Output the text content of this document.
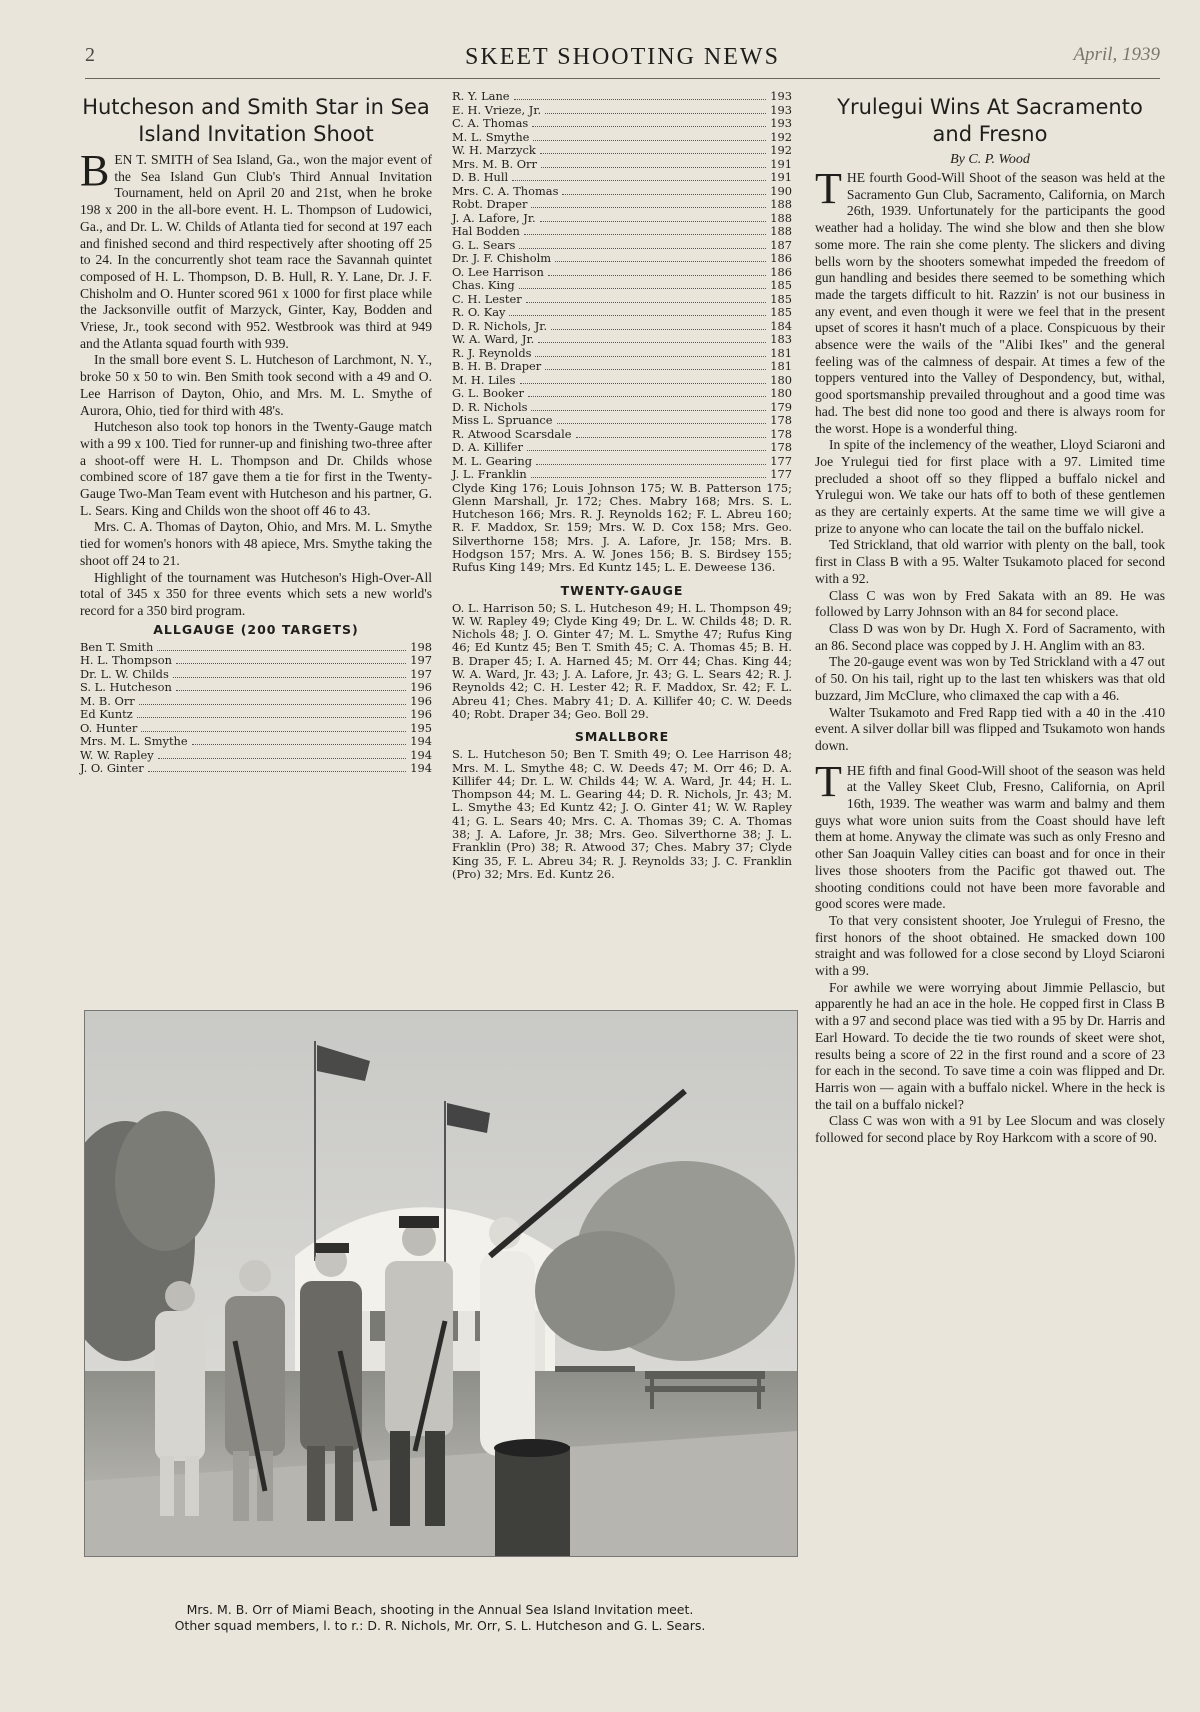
2	SKEET SHOOTING NEWS	April, 1939
Hutcheson and Smith Star in Sea Island Invitation Shoot

BEN T. SMITH of Sea Island, Ga., won the major event of the Sea Island Gun Club's Third Annual Invitation Tournament, held on April 20 and 21st, when he broke 198 x 200 in the all-bore event. H. L. Thompson of Ludowici, Ga., and Dr. L. W. Childs of Atlanta tied for second at 197 each and finished second and third respectively after shooting off 25 to 24. In the concurrently shot team race the Savannah quintet composed of H. L. Thompson, D. B. Hull, R. Y. Lane, Dr. J. F. Chisholm and O. Hunter scored 961 x 1000 for first place while the Jacksonville outfit of Marzyck, Ginter, Kay, Bodden and Vriese, Jr., took second with 952. Westbrook was third at 949 and the Atlanta squad fourth with 939.

In the small bore event S. L. Hutcheson of Larchmont, N. Y., broke 50 x 50 to win. Ben Smith took second with a 49 and O. Lee Harrison of Dayton, Ohio, and Mrs. M. L. Smythe of Aurora, Ohio, tied for third with 48's.

Hutcheson also took top honors in the Twenty-Gauge match with a 99 x 100. Tied for runner-up and finishing two-three after a shoot-off were H. L. Thompson and Dr. Childs whose combined score of 187 gave them a tie for first in the Twenty-Gauge Two-Man Team event with Hutcheson and his partner, G. L. Sears. King and Childs won the shoot off 46 to 43.

Mrs. C. A. Thomas of Dayton, Ohio, and Mrs. M. L. Smythe tied for women's honors with 48 apiece, Mrs. Smythe taking the shoot off 24 to 21.

Highlight of the tournament was Hutcheson's High-Over-All total of 345 x 350 for three events which sets a new world's record for a 350 bird program.

ALLGAUGE (200 TARGETS)
Ben T. Smith	198
H. L. Thompson	197
Dr. L. W. Childs	197
S. L. Hutcheson	196
M. B. Orr	196
Ed Kuntz	196
O. Hunter	195
Mrs. M. L. Smythe	194
W. W. Rapley	194
J. O. Ginter	194
R. Y. Lane	193
E. H. Vrieze, Jr.	193
C. A. Thomas	193
M. L. Smythe	192
W. H. Marzyck	192
Mrs. M. B. Orr	191
D. B. Hull	191
Mrs. C. A. Thomas	190
Robt. Draper	188
J. A. Lafore, Jr.	188
Hal Bodden	188
G. L. Sears	187
Dr. J. F. Chisholm	186
O. Lee Harrison	186
Chas. King	185
C. H. Lester	185
R. O. Kay	185
D. R. Nichols, Jr.	184
W. A. Ward, Jr.	183
R. J. Reynolds	181
B. H. B. Draper	181
M. H. Liles	180
G. L. Booker	180
D. R. Nichols	179
Miss L. Spruance	178
R. Atwood Scarsdale	178
D. A. Killifer	178
M. L. Gearing	177
J. L. Franklin	177

Clyde King 176; Louis Johnson 175; W. B. Patterson 175; Glenn Marshall, Jr. 172; Ches. Mabry 168; Mrs. S. L. Hutcheson 166; Mrs. R. J. Reynolds 162; F. L. Abreu 160; R. F. Maddox, Sr. 159; Mrs. W. D. Cox 158; Mrs. Geo. Silverthorne 158; Mrs. J. A. Lafore, Jr. 158; Mrs. B. Hodgson 157; Mrs. A. W. Jones 156; B. S. Birdsey 155; Rufus King 149; Mrs. Ed Kuntz 145; L. E. Deweese 136.

TWENTY-GAUGE

O. L. Harrison 50; S. L. Hutcheson 49; H. L. Thompson 49; W. W. Rapley 49; Clyde King 49; Dr. L. W. Childs 48; D. R. Nichols 48; J. O. Ginter 47; M. L. Smythe 47; Rufus King 46; Ed Kuntz 45; Ben T. Smith 45; C. A. Thomas 45; B. H. B. Draper 45; I. A. Harned 45; M. Orr 44; Chas. King 44; W. A. Ward, Jr. 43; J. A. Lafore, Jr. 43; G. L. Sears 42; R. J. Reynolds 42; C. H. Lester 42; R. F. Maddox, Sr. 42; F. L. Abreu 41; Ches. Mabry 41; D. A. Killifer 40; C. W. Deeds 40; Robt. Draper 34; Geo. Boll 29.

SMALLBORE

S. L. Hutcheson 50; Ben T. Smith 49; O. Lee Harrison 48; Mrs. M. L. Smythe 48; C. W. Deeds 47; M. Orr 46; D. A. Killifer 44; Dr. L. W. Childs 44; W. A. Ward, Jr. 44; H. L. Thompson 44; M. L. Gearing 44; D. R. Nichols, Jr. 43; M. L. Smythe 43; Ed Kuntz 42; J. O. Ginter 41; W. W. Rapley 41; G. L. Sears 40; Mrs. C. A. Thomas 39; C. A. Thomas 38; J. A. Lafore, Jr. 38; Mrs. Geo. Silverthorne 38; J. L. Franklin (Pro) 38; R. Atwood 37; Ches. Mabry 37; Clyde King 35, F. L. Abreu 34; R. J. Reynolds 33; J. C. Franklin (Pro) 32; Mrs. Ed. Kuntz 26.

Yrulegui Wins At Sacramento and Fresno

By C. P. Wood

THE fourth Good-Will Shoot of the season was held at the Sacramento Gun Club, Sacramento, California, on March 26th, 1939. Unfortunately for the participants the good weather had a holiday. The wind she blow and then she blow some more. The rain she come plenty. The slickers and diving bells worn by the shooters somewhat impeded the freedom of gun handling and besides there seemed to be something which made the targets difficult to hit. Razzin' is not our business in any event, and even though it were we feel that in the present upset of scores it hasn't much of a place. Conspicuous by their absence were the wails of the "Alibi Ikes" and the general feeling was of the calmness of despair. At times a few of the toppers ventured into the Valley of Despondency, but, withal, good sportsmanship prevailed throughout and a good time was had. The best did none too good and there is always room for the worst. Hope is a wonderful thing.

In spite of the inclemency of the weather, Lloyd Sciaroni and Joe Yrulegui tied for first place with a 97. Limited time precluded a shoot off so they flipped a buffalo nickel and Yrulegui won. We take our hats off to both of these gentlemen as they are certainly experts. At the same time we will give a prize to anyone who can locate the tail on the buffalo nickel.

Ted Strickland, that old warrior with plenty on the ball, took first in Class B with a 95. Walter Tsukamoto placed for second with a 92.

Class C was won by Fred Sakata with an 89. He was followed by Larry Johnson with an 84 for second place.

Class D was won by Dr. Hugh X. Ford of Sacramento, with an 86. Second place was copped by J. H. Anglim with an 83.

The 20-gauge event was won by Ted Strickland with a 47 out of 50. On his tail, right up to the last ten whiskers was that old buzzard, Jim McClure, who climaxed the cap with a 46.

Walter Tsukamoto and Fred Rapp tied with a 40 in the .410 event. A silver dollar bill was flipped and Tsukamoto won hands down.

THE fifth and final Good-Will shoot of the season was held at the Valley Skeet Club, Fresno, California, on April 16th, 1939. The weather was warm and balmy and them guys what wore union suits from the Coast should have left them at home. Anyway the climate was such as only Fresno and other San Joaquin Valley cities can boast and for once in their lives those shooters from the Pacific got thawed out. The shooting conditions could not have been more favorable and good scores were made.

To that very consistent shooter, Joe Yrulegui of Fresno, the first honors of the shoot obtained. He smacked down 100 straight and was followed for a close second by Lloyd Sciaroni with a 99.

For awhile we were worrying about Jimmie Pellascio, but apparently he had an ace in the hole. He copped first in Class B with a 97 and second place was tied with a 95 by Dr. Harris and Earl Howard. To decide the tie two rounds of skeet were shot, results being a score of 22 in the first round and a score of 23 for each in the second. To save time a coin was flipped and Dr. Harris won — again with a buffalo nickel. Where in the heck is the tail on a buffalo nickel?

Class C was won with a 91 by Lee Slocum and was closely followed for second place by Roy Harkcom with a score of 90.

Mrs. M. B. Orr of Miami Beach, shooting in the Annual Sea Island Invitation meet.
Other squad members, l. to r.: D. R. Nichols, Mr. Orr, S. L. Hutcheson and G. L. Sears.
